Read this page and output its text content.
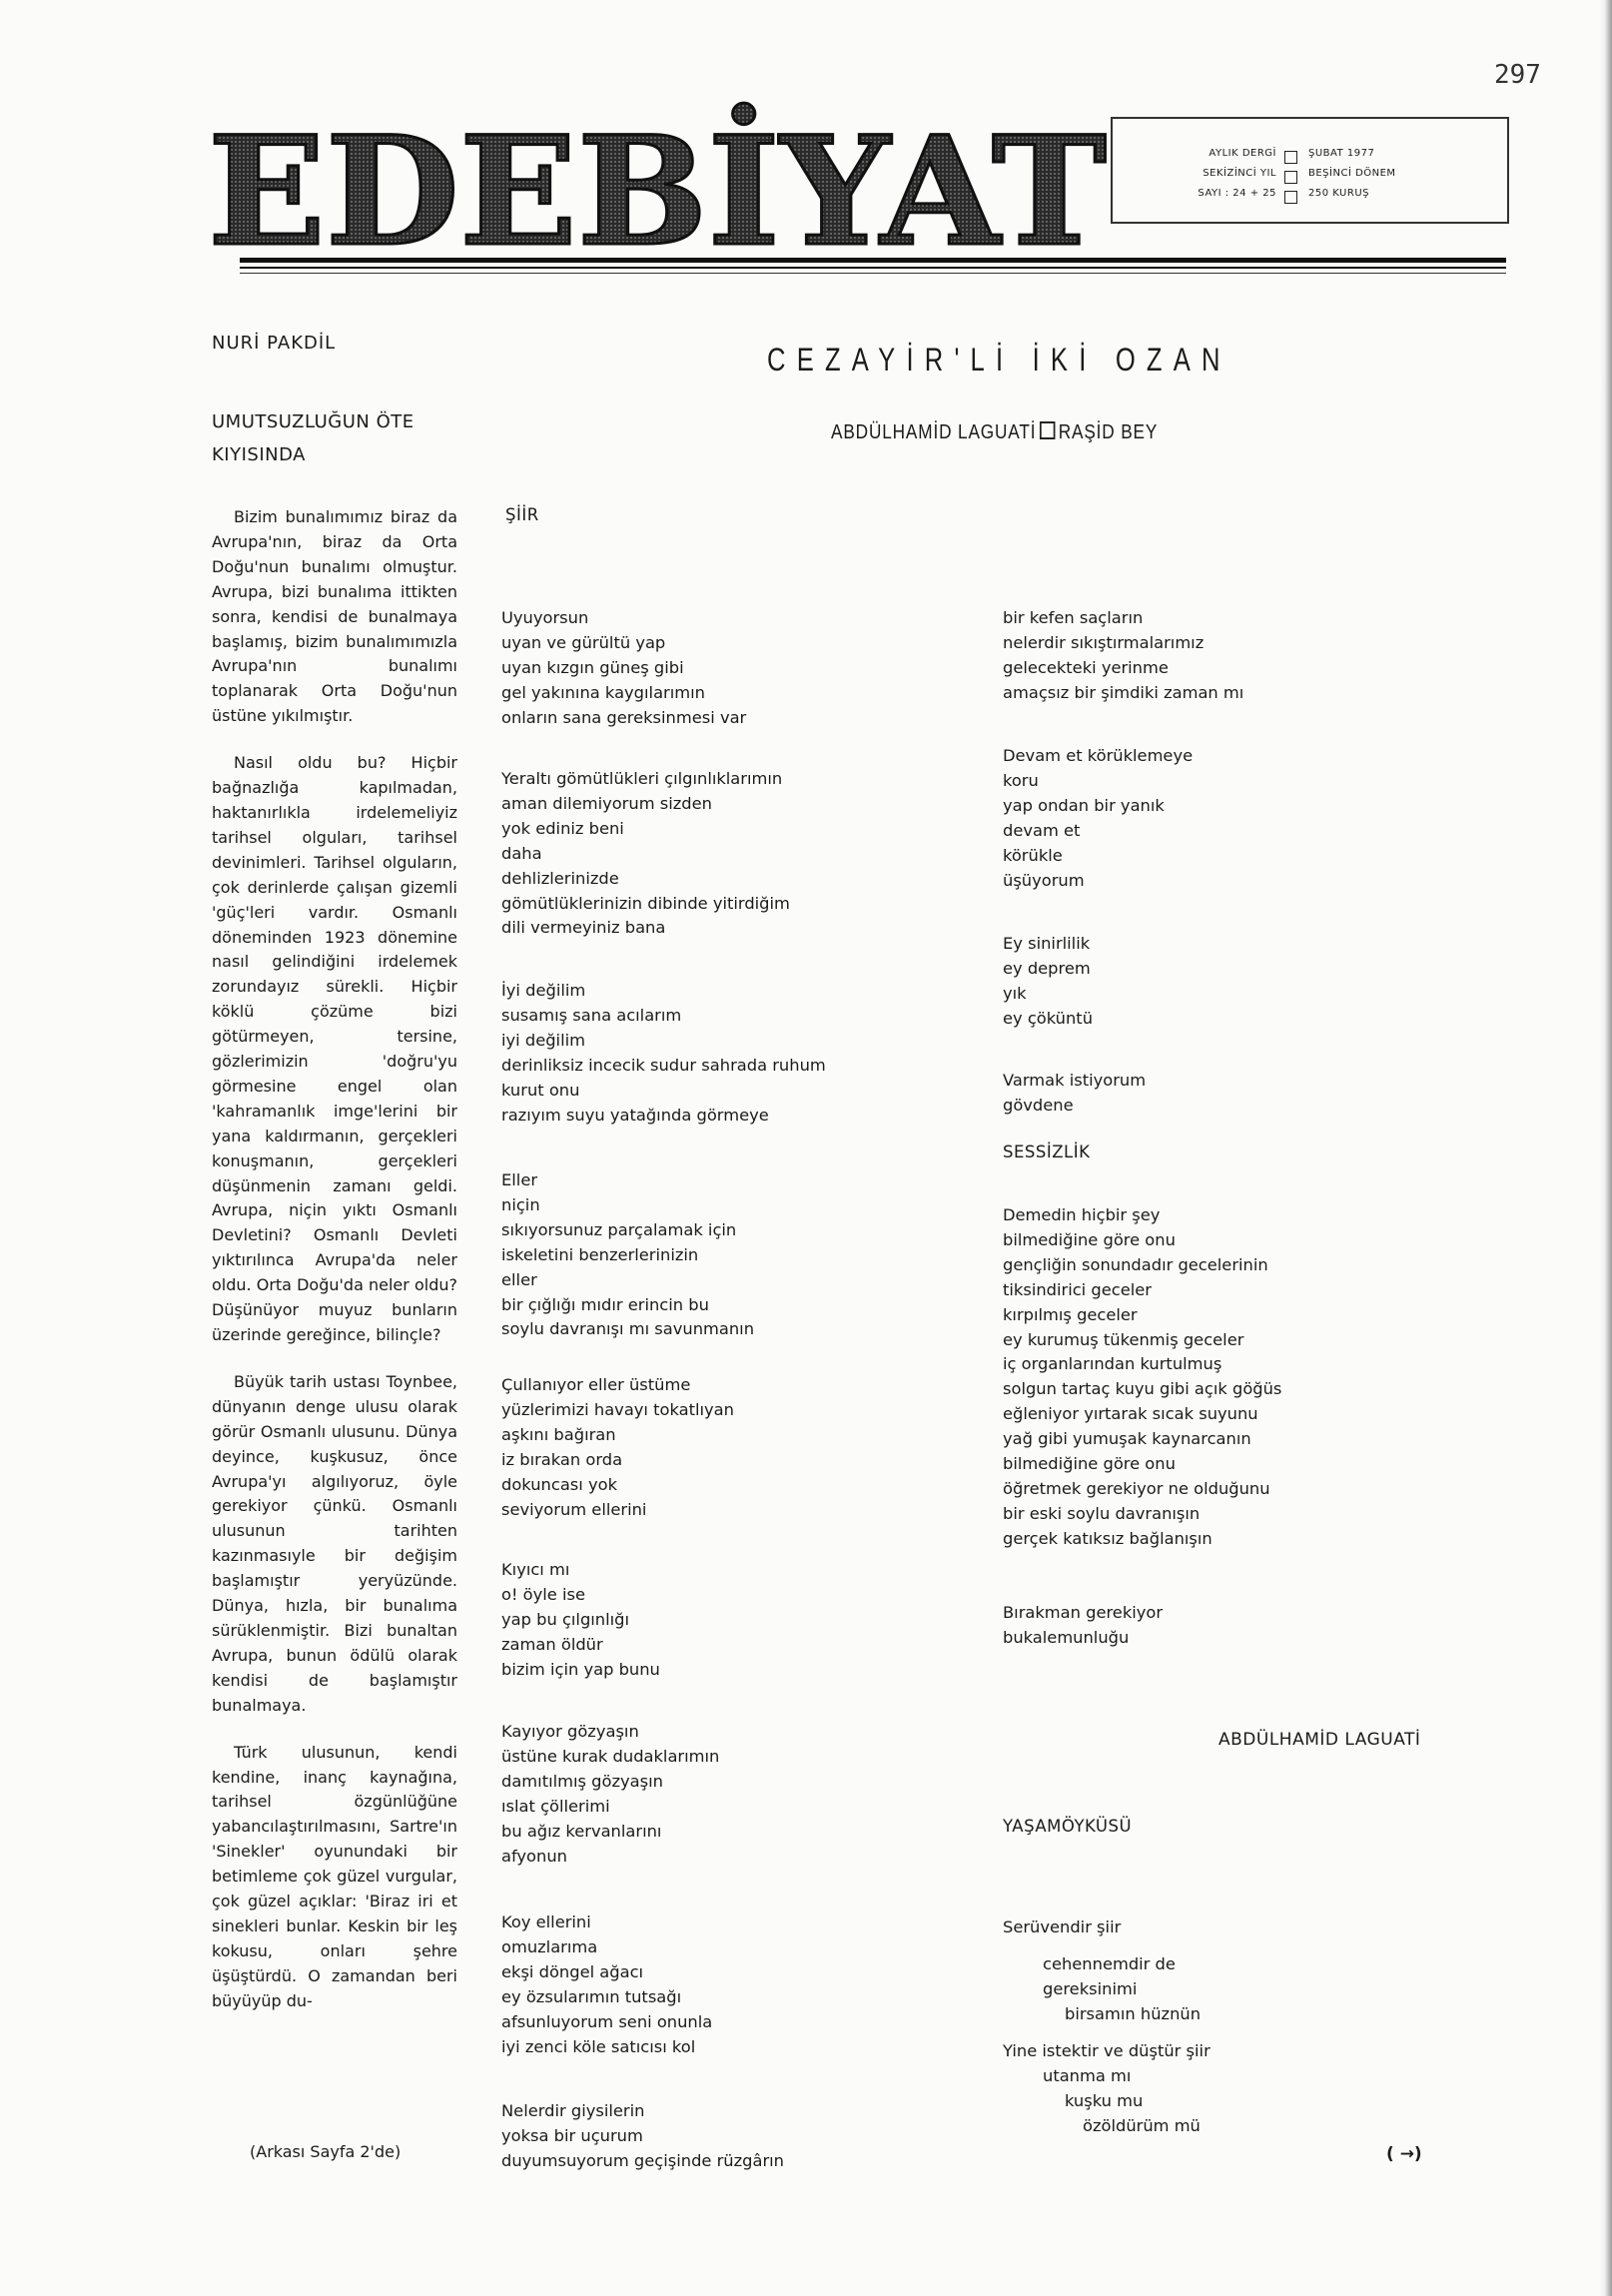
297
EDEBİYAT	AYLIK DERGİ	ŞUBAT 1977
SEKİZİNCİ YIL	BEŞİNCİ DÖNEM
SAYI : 24 + 25	250 KURUŞ
NURİ PAKDİL
UMUTSUZLUĞUN ÖTE
KIYISINDA
CEZAYİR'Lİ İKİ OZAN
ABDÜLHAMİD LAGUATİ RAŞİD BEY

Bizim bunalımımız biraz da Avrupa'nın, biraz da Orta Doğu'nun bunalımı olmuştur. Avrupa, bizi bunalıma ittikten sonra, kendisi de bunalmaya başlamış, bizim bunalımımızla Avrupa'nın bunalımı toplanarak Orta Doğu'nun üstüne yıkılmıştır.

Nasıl oldu bu? Hiçbir bağnazlığa kapılmadan, haktanırlıkla irdelemeliyiz tarihsel olguları, tarihsel devinimleri. Tarihsel olguların, çok derinlerde çalışan gizemli 'güç'leri vardır. Osmanlı döneminden 1923 dönemine nasıl gelindiğini irdelemek zorundayız sürekli. Hiçbir köklü çözüme bizi götürmeyen, tersine, gözlerimizin 'doğru'yu görmesine engel olan 'kahramanlık imge'lerini bir yana kaldırmanın, gerçekleri konuşmanın, gerçekleri düşünmenin zamanı geldi. Avrupa, niçin yıktı Osmanlı Devletini? Osmanlı Devleti yıktırılınca Avrupa'da neler oldu. Orta Doğu'da neler oldu? Düşünüyor muyuz bunların üzerinde gereğince, bilinçle?

Büyük tarih ustası Toynbee, dünyanın denge ulusu olarak görür Osmanlı ulusunu. Dünya deyince, kuşkusuz, önce Avrupa'yı algılıyoruz, öyle gerekiyor çünkü. Osmanlı ulusunun tarihten kazınmasıyle bir değişim başlamıştır yeryüzünde. Dünya, hızla, bir bunalıma sürüklenmiştir. Bizi bunaltan Avrupa, bunun ödülü olarak kendisi de başlamıştır bunalmaya.

Türk ulusunun, kendi kendine, inanç kaynağına, tarihsel özgünlüğüne yabancılaştırılmasını, Sartre'ın 'Sinekler' oyunundaki bir betimleme çok güzel vurgular, çok güzel açıklar: 'Biraz iri et sinekleri bunlar. Keskin bir leş kokusu, onları şehre üşüştürdü. O zamandan beri büyüyüp du-

(Arkası Sayfa 2'de)
ŞİİR
Uyuyorsun
uyan ve gürültü yap
uyan kızgın güneş gibi
gel yakınına kaygılarımın
onların sana gereksinmesi var
Yeraltı gömütlükleri çılgınlıklarımın
aman dilemiyorum sizden
yok ediniz beni
daha
dehlizlerinizde
gömütlüklerinizin dibinde yitirdiğim
dili vermeyiniz bana
İyi değilim
susamış sana acılarım
iyi değilim
derinliksiz incecik sudur sahrada ruhum
kurut onu
razıyım suyu yatağında görmeye
Eller
niçin
sıkıyorsunuz parçalamak için
iskeletini benzerlerinizin
eller
bir çığlığı mıdır erincin bu
soylu davranışı mı savunmanın
Çullanıyor eller üstüme
yüzlerimizi havayı tokatlıyan
aşkını bağıran
iz bırakan orda
dokuncası yok
seviyorum ellerini
Kıyıcı mı
o! öyle ise
yap bu çılgınlığı
zaman öldür
bizim için yap bunu
Kayıyor gözyaşın
üstüne kurak dudaklarımın
damıtılmış gözyaşın
ıslat çöllerimi
bu ağız kervanlarını
afyonun
Koy ellerini
omuzlarıma
ekşi döngel ağacı
ey özsularımın tutsağı
afsunluyorum seni onunla
iyi zenci köle satıcısı kol
Nelerdir giysilerin
yoksa bir uçurum
duyumsuyorum geçişinde rüzgârın
bir kefen saçların
nelerdir sıkıştırmalarımız
gelecekteki yerinme
amaçsız bir şimdiki zaman mı
Devam et körüklemeye
koru
yap ondan bir yanık
devam et
körükle
üşüyorum
Ey sinirlilik
ey deprem
yık
ey çöküntü
Varmak istiyorum
gövdene
SESSİZLİK
Demedin hiçbir şey
bilmediğine göre onu
gençliğin sonundadır gecelerinin
tiksindirici geceler
kırpılmış geceler
ey kurumuş tükenmiş geceler
iç organlarından kurtulmuş
solgun tartaç kuyu gibi açık göğüs
eğleniyor yırtarak sıcak suyunu
yağ gibi yumuşak kaynarcanın
bilmediğine göre onu
öğretmek gerekiyor ne olduğunu
bir eski soylu davranışın
gerçek katıksız bağlanışın
Bırakman gerekiyor
bukalemunluğu
ABDÜLHAMİD LAGUATİ
YAŞAMÖYKÜSÜ
Serüvendir şiir
cehennemdir de
gereksinimi
birsamın hüznün
Yine istektir ve düştür şiir
utanma mı
kuşku mu
özöldürüm mü
( →)
